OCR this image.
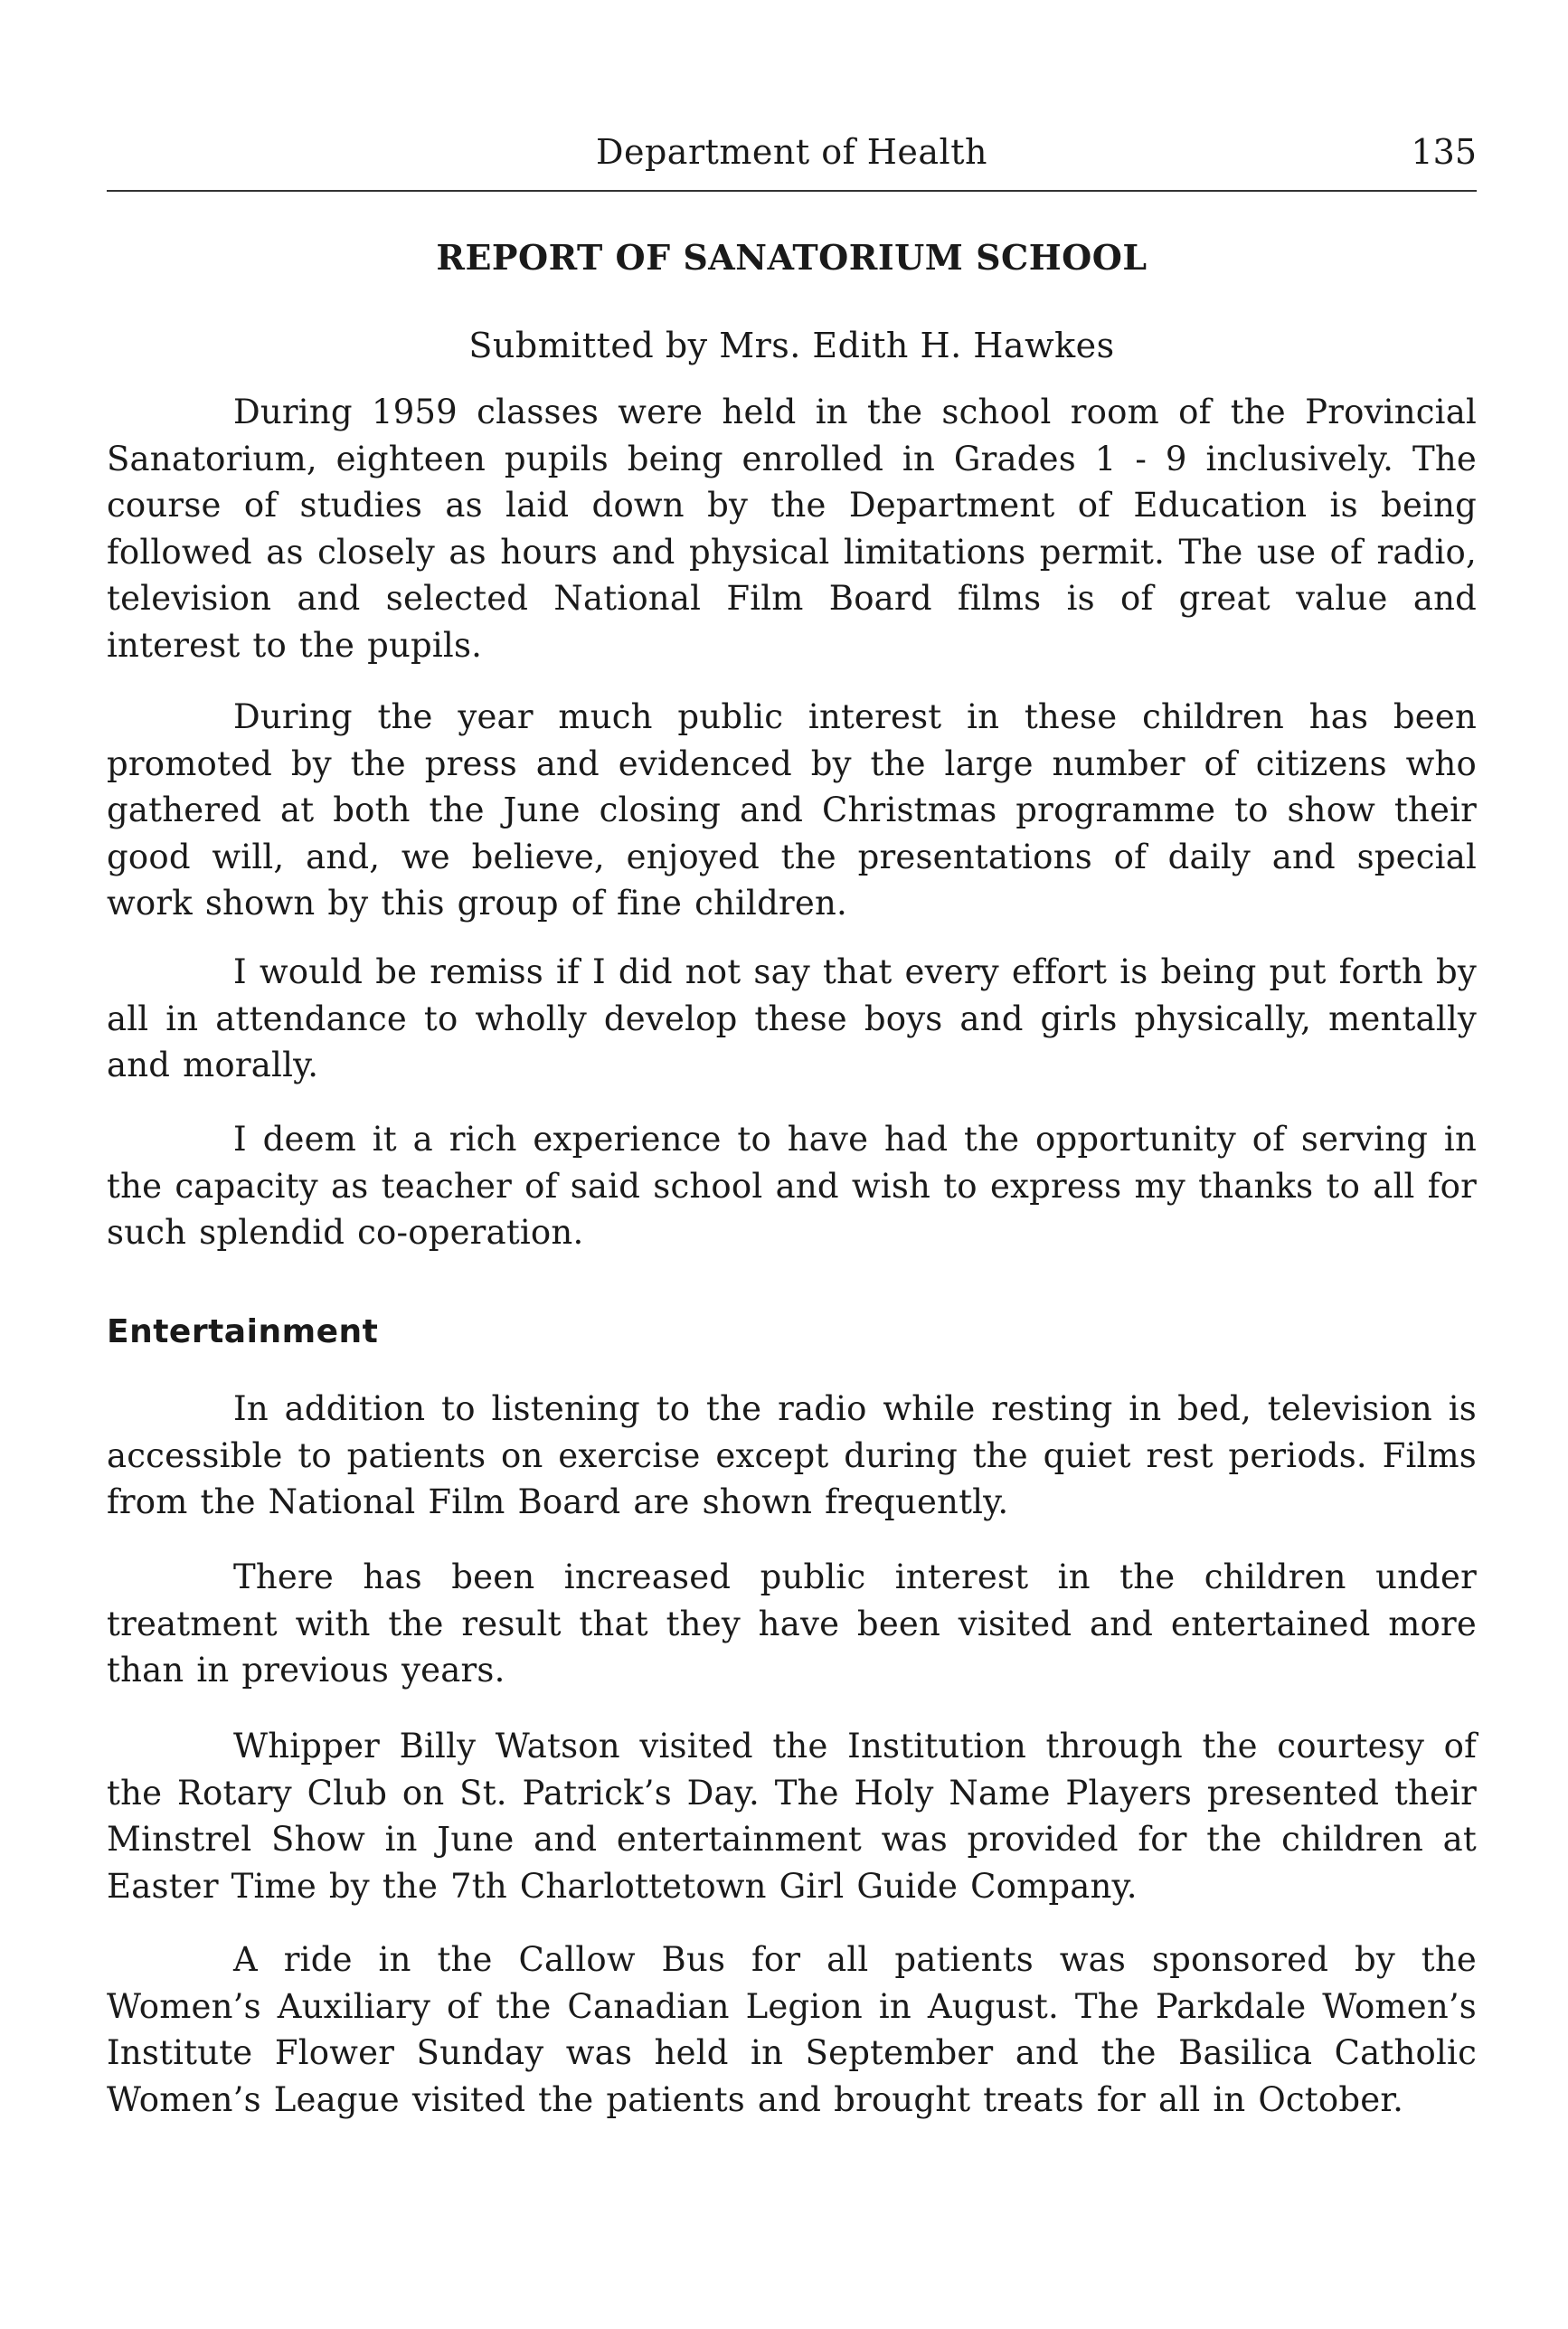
Department of Health	135
REPORT OF SANATORIUM SCHOOL
Submitted by Mrs. Edith H. Hawkes

During 1959 classes were held in the school room of the Provincial Sanatorium, eighteen pupils being enrolled in Grades 1 - 9 inclusively. The course of studies as laid down by the Department of Education is being followed as closely as hours and physical limitations permit. The use of radio, television and selected National Film Board films is of great value and interest to the pupils.

During the year much public interest in these children has been promoted by the press and evidenced by the large number of citizens who gathered at both the June closing and Christmas programme to show their good will, and, we believe, enjoyed the presentations of daily and special work shown by this group of fine children.

I would be remiss if I did not say that every effort is being put forth by all in attendance to wholly develop these boys and girls physically, mentally and morally.

I deem it a rich experience to have had the opportunity of serving in the capacity as teacher of said school and wish to express my thanks to all for such splendid co-operation.

Entertainment

In addition to listening to the radio while resting in bed, television is accessible to patients on exercise except during the quiet rest periods. Films from the National Film Board are shown frequently.

There has been increased public interest in the children under treatment with the result that they have been visited and entertained more than in previous years.

Whipper Billy Watson visited the Institution through the courtesy of the Rotary Club on St. Patrick’s Day. The Holy Name Players presented their Minstrel Show in June and entertainment was provided for the children at Easter Time by the 7th Charlottetown Girl Guide Company.

A ride in the Callow Bus for all patients was sponsored by the Women’s Auxiliary of the Canadian Legion in August. The Parkdale Women’s Institute Flower Sunday was held in September and the Basilica Catholic Women’s League visited the patients and brought treats for all in October.
